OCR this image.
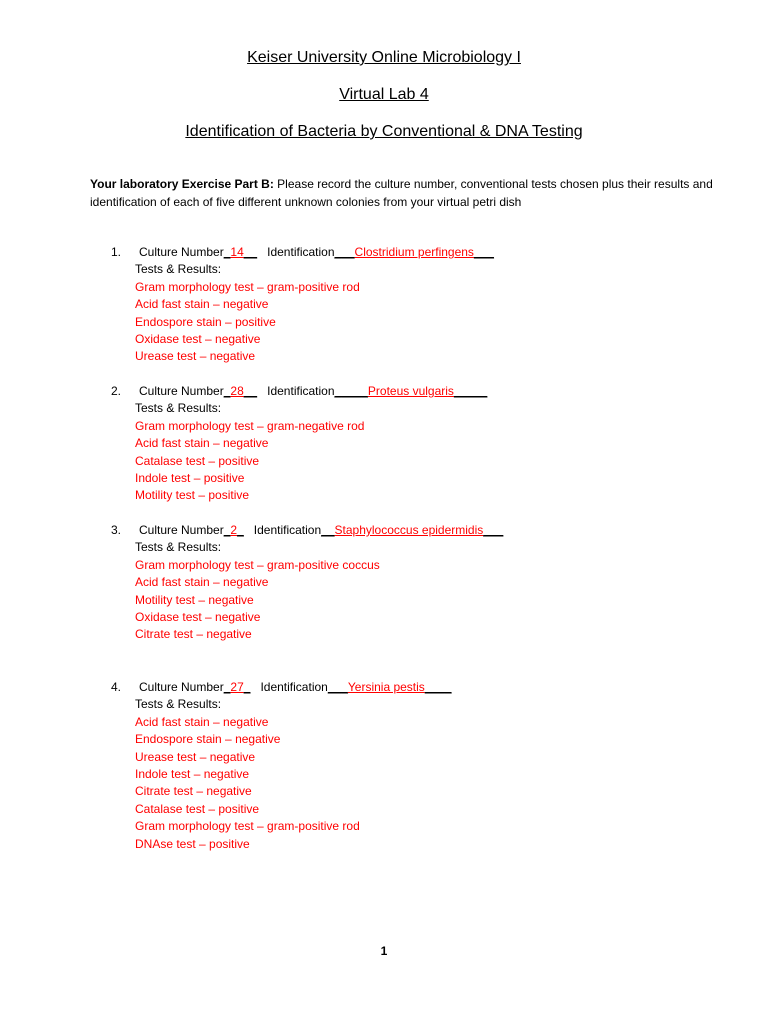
Keiser University Online Microbiology I
Virtual Lab 4
Identification of Bacteria by Conventional & DNA Testing
Your laboratory Exercise Part B: Please record the culture number, conventional tests chosen plus their results and identification of each of five different unknown colonies from your virtual petri dish
1.	Culture Number_14__ Identification___Clostridium perfingens___
Tests & Results:
Gram morphology test – gram-positive rod
Acid fast stain – negative
Endospore stain – positive
Oxidase test – negative
Urease test – negative
2.	Culture Number_28__ Identification_____Proteus vulgaris_____
Tests & Results:
Gram morphology test – gram-negative rod
Acid fast stain – negative
Catalase test – positive
Indole test – positive
Motility test – positive
3.	Culture Number_2_ Identification__Staphylococcus epidermidis___
Tests & Results:
Gram morphology test – gram-positive coccus
Acid fast stain – negative
Motility test – negative
Oxidase test – negative
Citrate test – negative
4.	Culture Number_27_ Identification___Yersinia pestis____
Tests & Results:
Acid fast stain – negative
Endospore stain – negative
Urease test – negative
Indole test – negative
Citrate test – negative
Catalase test – positive
Gram morphology test – gram-positive rod
DNAse test – positive
1
